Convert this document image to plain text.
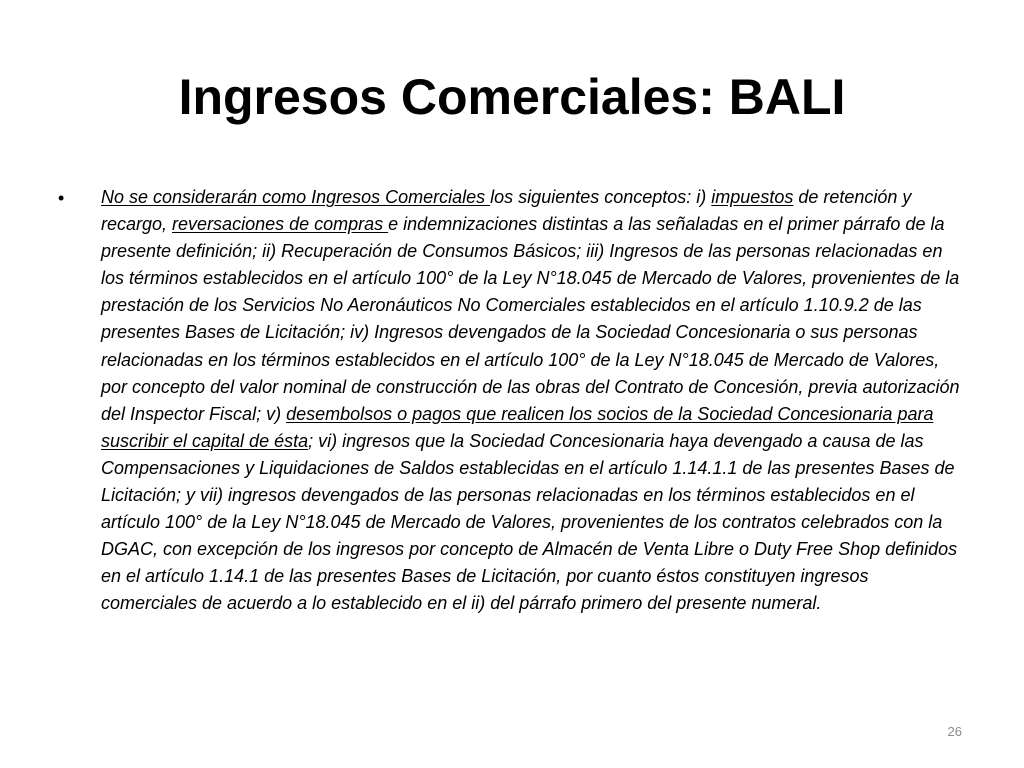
Ingresos Comerciales: BALI
• No se considerarán como Ingresos Comerciales los siguientes conceptos: i) impuestos de retención y recargo, reversaciones de compras e indemnizaciones distintas a las señaladas en el primer párrafo de la presente definición; ii) Recuperación de Consumos Básicos; iii) Ingresos de las personas relacionadas en los términos establecidos en el artículo 100° de la Ley N°18.045 de Mercado de Valores, provenientes de la prestación de los Servicios No Aeronáuticos No Comerciales establecidos en el artículo 1.10.9.2 de las presentes Bases de Licitación; iv) Ingresos devengados de la Sociedad Concesionaria o sus personas relacionadas en los términos establecidos en el artículo 100° de la Ley N°18.045 de Mercado de Valores, por concepto del valor nominal de construcción de las obras del Contrato de Concesión, previa autorización del Inspector Fiscal; v) desembolsos o pagos que realicen los socios de la Sociedad Concesionaria para suscribir el capital de ésta; vi) ingresos que la Sociedad Concesionaria haya devengado a causa de las Compensaciones y Liquidaciones de Saldos establecidas en el artículo 1.14.1.1 de las presentes Bases de Licitación; y vii) ingresos devengados de las personas relacionadas en los términos establecidos en el artículo 100° de la Ley N°18.045 de Mercado de Valores, provenientes de los contratos celebrados con la DGAC, con excepción de los ingresos por concepto de Almacén de Venta Libre o Duty Free Shop definidos en el artículo 1.14.1 de las presentes Bases de Licitación, por cuanto éstos constituyen ingresos comerciales de acuerdo a lo establecido en el ii) del párrafo primero del presente numeral.

26
